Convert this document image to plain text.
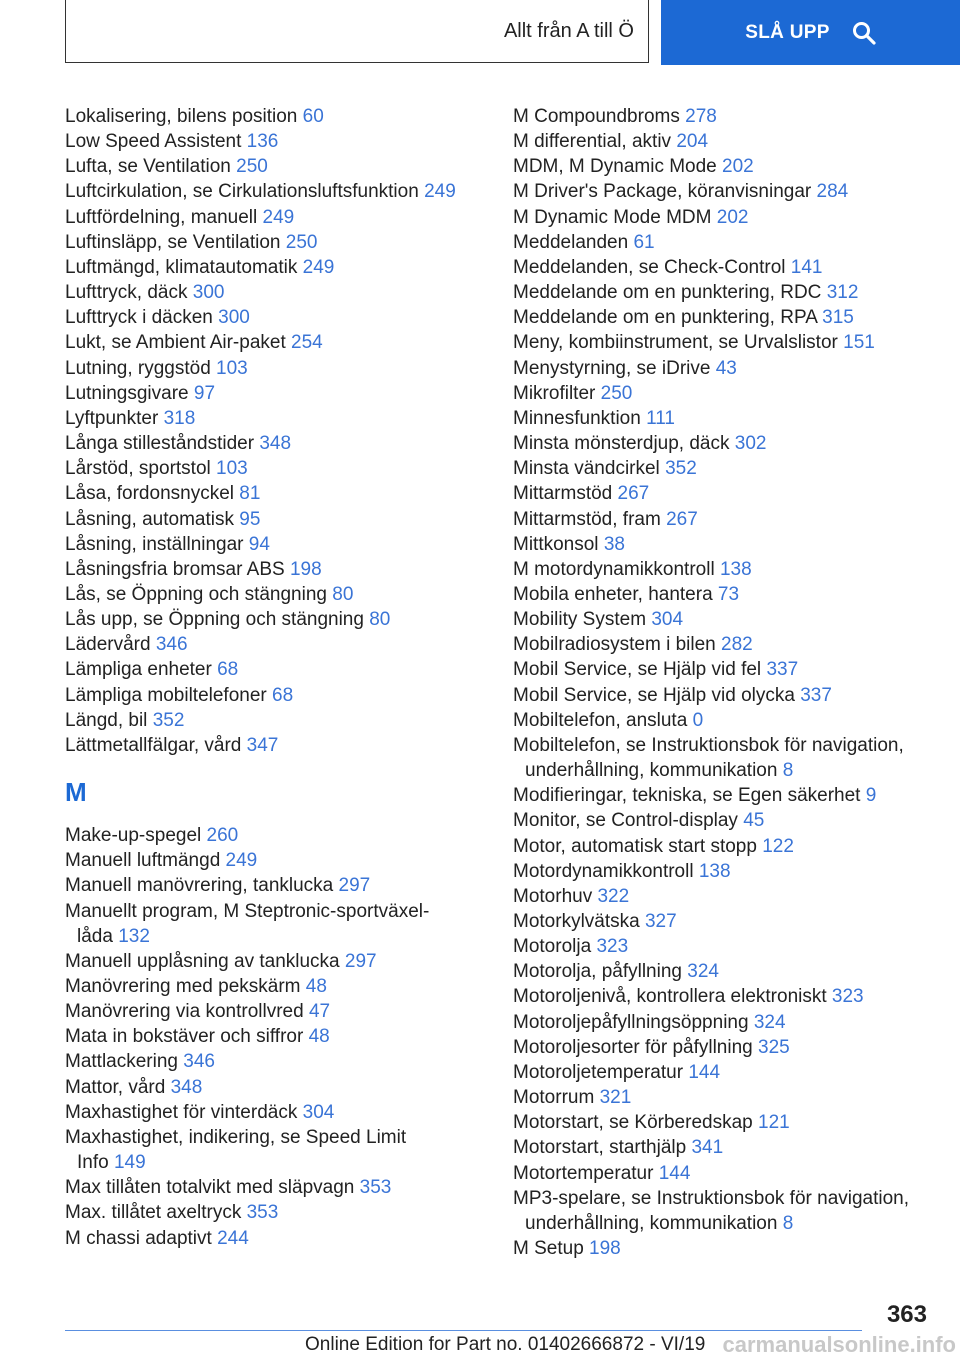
Allt från A till Ö	SLÅ UPP
Lokalisering, bilens position 60
Low Speed Assistent 136
Lufta, se Ventilation 250
Luftcirkulation, se Cirkulationsluftsfunktion 249
Luftfördelning, manuell 249
Luftinsläpp, se Ventilation 250
Luftmängd, klimatautomatik 249
Lufttryck, däck 300
Lufttryck i däcken 300
Lukt, se Ambient Air-paket 254
Lutning, ryggstöd 103
Lutningsgivare 97
Lyftpunkter 318
Långa stilleståndstider 348
Lårstöd, sportstol 103
Låsa, fordonsnyckel 81
Låsning, automatisk 95
Låsning, inställningar 94
Låsningsfria bromsar ABS 198
Lås, se Öppning och stängning 80
Lås upp, se Öppning och stängning 80
Lädervård 346
Lämpliga enheter 68
Lämpliga mobiltelefoner 68
Längd, bil 352
Lättmetallfälgar, vård 347
M
Make-up-spegel 260
Manuell luftmängd 249
Manuell manövrering, tanklucka 297
Manuellt program, M Steptronic-sportväxel-
låda 132
Manuell upplåsning av tanklucka 297
Manövrering med pekskärm 48
Manövrering via kontrollvred 47
Mata in bokstäver och siffror 48
Mattlackering 346
Mattor, vård 348
Maxhastighet för vinterdäck 304
Maxhastighet, indikering, se Speed Limit
Info 149
Max tillåten totalvikt med släpvagn 353
Max. tillåtet axeltryck 353
M chassi adaptivt 244
M Compoundbroms 278
M differential, aktiv 204
MDM, M Dynamic Mode 202
M Driver's Package, köranvisningar 284
M Dynamic Mode MDM 202
Meddelanden 61
Meddelanden, se Check-Control 141
Meddelande om en punktering, RDC 312
Meddelande om en punktering, RPA 315
Meny, kombiinstrument, se Urvalslistor 151
Menystyrning, se iDrive 43
Mikrofilter 250
Minnesfunktion 111
Minsta mönsterdjup, däck 302
Minsta vändcirkel 352
Mittarmstöd 267
Mittarmstöd, fram 267
Mittkonsol 38
M motordynamikkontroll 138
Mobila enheter, hantera 73
Mobility System 304
Mobilradiosystem i bilen 282
Mobil Service, se Hjälp vid fel 337
Mobil Service, se Hjälp vid olycka 337
Mobiltelefon, ansluta 0
Mobiltelefon, se Instruktionsbok för navigation,
underhållning, kommunikation 8
Modifieringar, tekniska, se Egen säkerhet 9
Monitor, se Control-display 45
Motor, automatisk start stopp 122
Motordynamikkontroll 138
Motorhuv 322
Motorkylvätska 327
Motorolja 323
Motorolja, påfyllning 324
Motoroljenivå, kontrollera elektroniskt 323
Motoroljepåfyllningsöppning 324
Motoroljesorter för påfyllning 325
Motoroljetemperatur 144
Motorrum 321
Motorstart, se Körberedskap 121
Motorstart, starthjälp 341
Motortemperatur 144
MP3-spelare, se Instruktionsbok för navigation,
underhållning, kommunikation 8
M Setup 198
363
Online Edition for Part no. 01402666872 - VI/19 carmanualsonline.info
